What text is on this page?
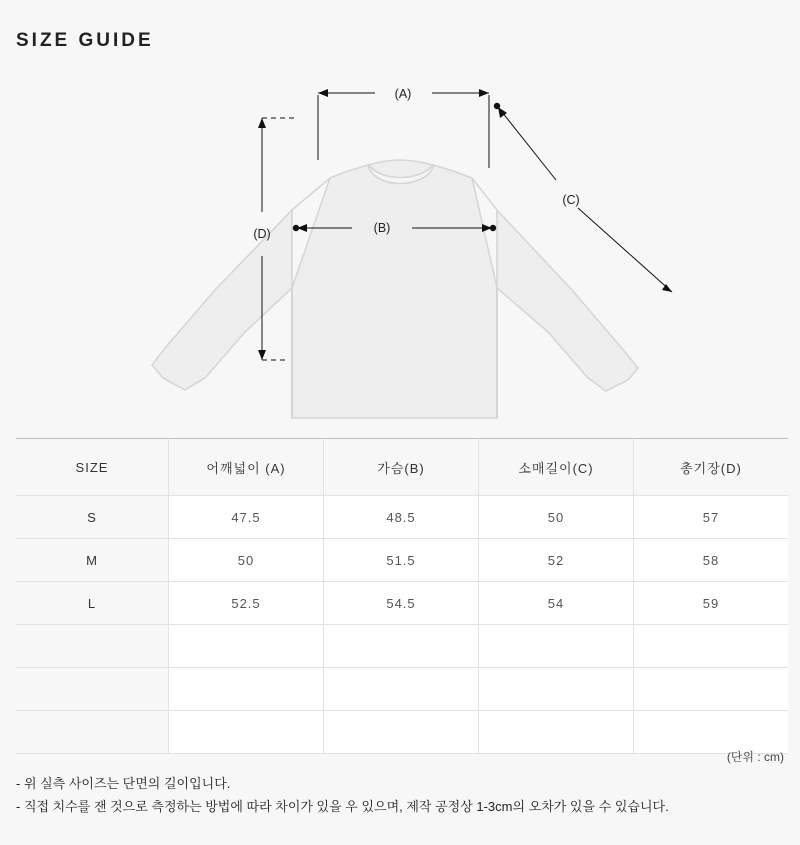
SIZE GUIDE
(A)
(B)
(C)
(D)
SIZE	어깨넓이 (A)	가슴(B)	소매길이(C)	총기장(D)
S	47.5	48.5	50	57
M	50	51.5	52	58
L	52.5	54.5	54	59

(단위 : cm)
- 위 실측 사이즈는 단면의 길이입니다.
- 직접 치수를 잰 것으로 측정하는 방법에 따라 차이가 있을 우 있으며, 제작 공정상 1-3cm의 오차가 있을 수 있습니다.
